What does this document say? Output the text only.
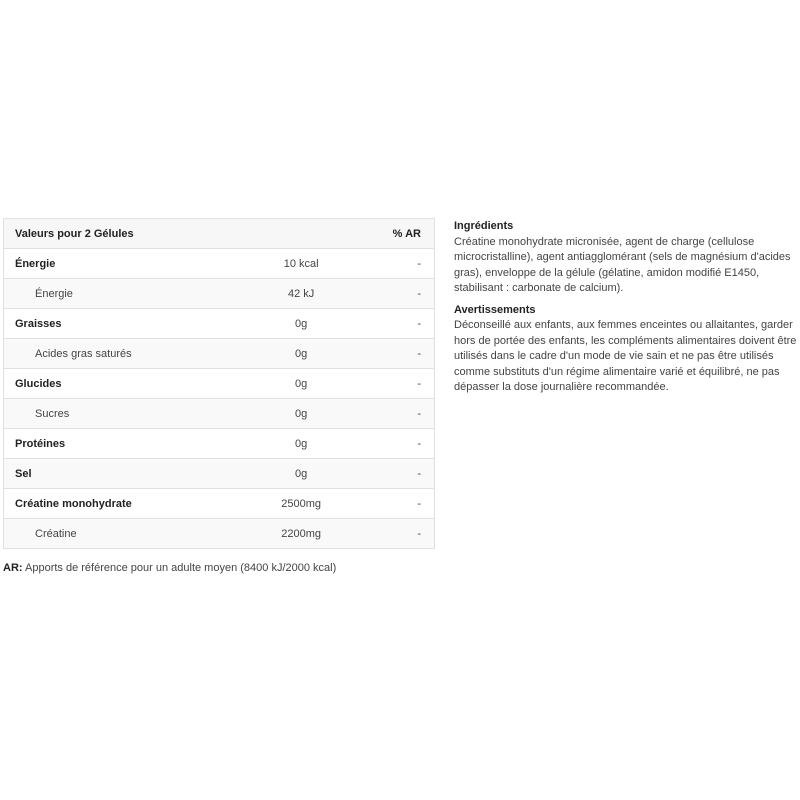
Valeurs pour 2 Gélules		% AR
Énergie	10 kcal	-
Énergie	42 kJ	-
Graisses	0g	-
Acides gras saturés	0g	-
Glucides	0g	-
Sucres	0g	-
Protéines	0g	-
Sel	0g	-
Créatine monohydrate	2500mg	-
Créatine	2200mg	-
AR: Apports de référence pour un adulte moyen (8400 kJ/2000 kcal)

Ingrédients

Créatine monohydrate micronisée, agent de charge (cellulose microcristalline), agent antiagglomérant (sels de magnésium d'acides gras), enveloppe de la gélule (gélatine, amidon modifié E1450, stabilisant : carbonate de calcium).

Avertissements

Déconseillé aux enfants, aux femmes enceintes ou allaitantes, garder hors de portée des enfants, les compléments alimentaires doivent être utilisés dans le cadre d'un mode de vie sain et ne pas être utilisés comme substituts d'un régime alimentaire varié et équilibré, ne pas dépasser la dose journalière recommandée.
